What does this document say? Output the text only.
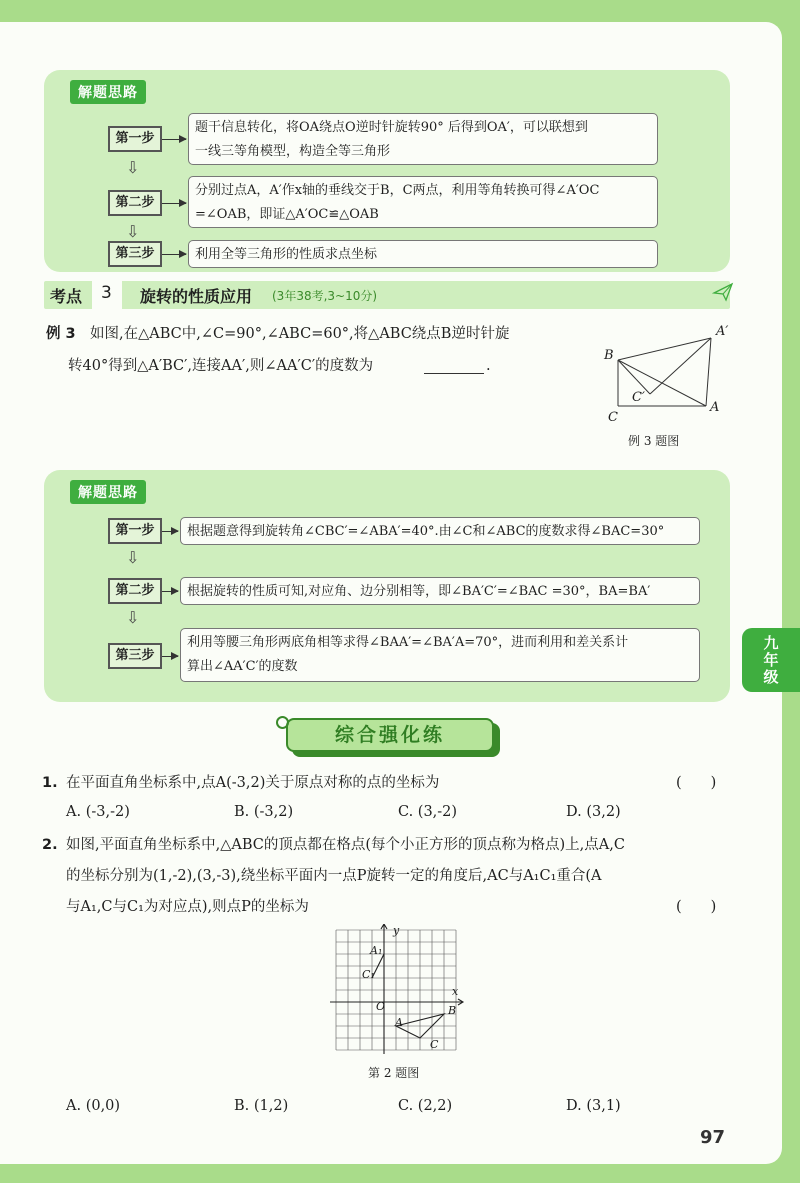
解题思路
第一步
题干信息转化，将OA绕点O逆时针旋转90° 后得到OA′，可以联想到
一线三等角模型，构造全等三角形
⇩
第二步
分别过点A，A′作x轴的垂线交于B，C两点，利用等角转换可得∠A′OC
=∠OAB，即证△A′OC≌△OAB
⇩
第三步	利用全等三角形的性质求点坐标
考点 3 旋转的性质应用 (3年38考,3~10分)
例 3 如图,在△ABC中,∠C=90°,∠ABC=60°,将△ABC绕点B逆时针旋
转40°得到△A′BC′,连接AA′,则∠AA′C′的度数为	.
B
A′
C′
C
A
例 3 题图
解题思路
第一步	根据题意得到旋转角∠CBC′=∠ABA′=40°.由∠C和∠ABC的度数求得∠BAC=30°
⇩
第二步	根据旋转的性质可知,对应角、边分别相等，即∠BA′C′=∠BAC =30°，BA=BA′
⇩
第三步
利用等腰三角形两底角相等求得∠BAA′=∠BA′A=70°，进而利用和差关系计
算出∠AA′C′的度数
综合强化练
1. 在平面直角坐标系中,点A(-3,2)关于原点对称的点的坐标为	(　　)
A. (-3,-2)	B. (-3,2)	C. (3,-2)	D. (3,2)
2. 如图,平面直角坐标系中,△ABC的顶点都在格点(每个小正方形的顶点称为格点)上,点A,C
的坐标分别为(1,-2),(3,-3),绕坐标平面内一点P旋转一定的角度后,AC与A₁C₁重合(A
与A₁,C与C₁为对应点),则点P的坐标为	(　　)
y
x
O
A₁
C₁
A
B
C
第 2 题图
A. (0,0)	B. (1,2)	C. (2,2)	D. (3,1)
九
年
级
97
